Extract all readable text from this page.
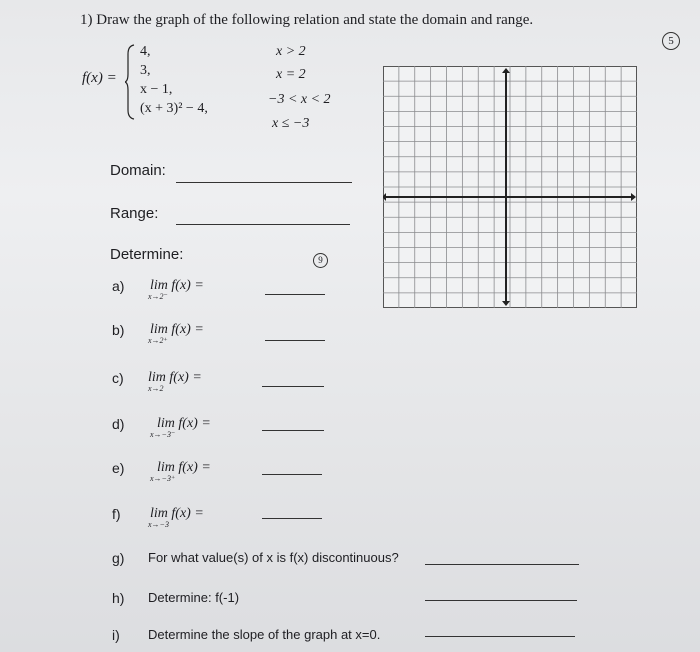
1) Draw the graph of the following relation and state the domain and range.
5
f(x) =
4,
3,
x − 1,
(x + 3)² − 4,
x > 2
x = 2
−3 < x < 2
x ≤ −3
Domain:
Range:
Determine:	9
a) lim f(x) =
x→2⁻
b) lim f(x) =
x→2⁺
c) lim f(x) =
x→2
d) lim f(x) =
x→−3⁻
e) lim f(x) =
x→−3⁺
f) lim f(x) =
x→−3
g) For what value(s) of x is f(x) discontinuous?
h) Determine: f(-1)
i) Determine the slope of the graph at x=0.
